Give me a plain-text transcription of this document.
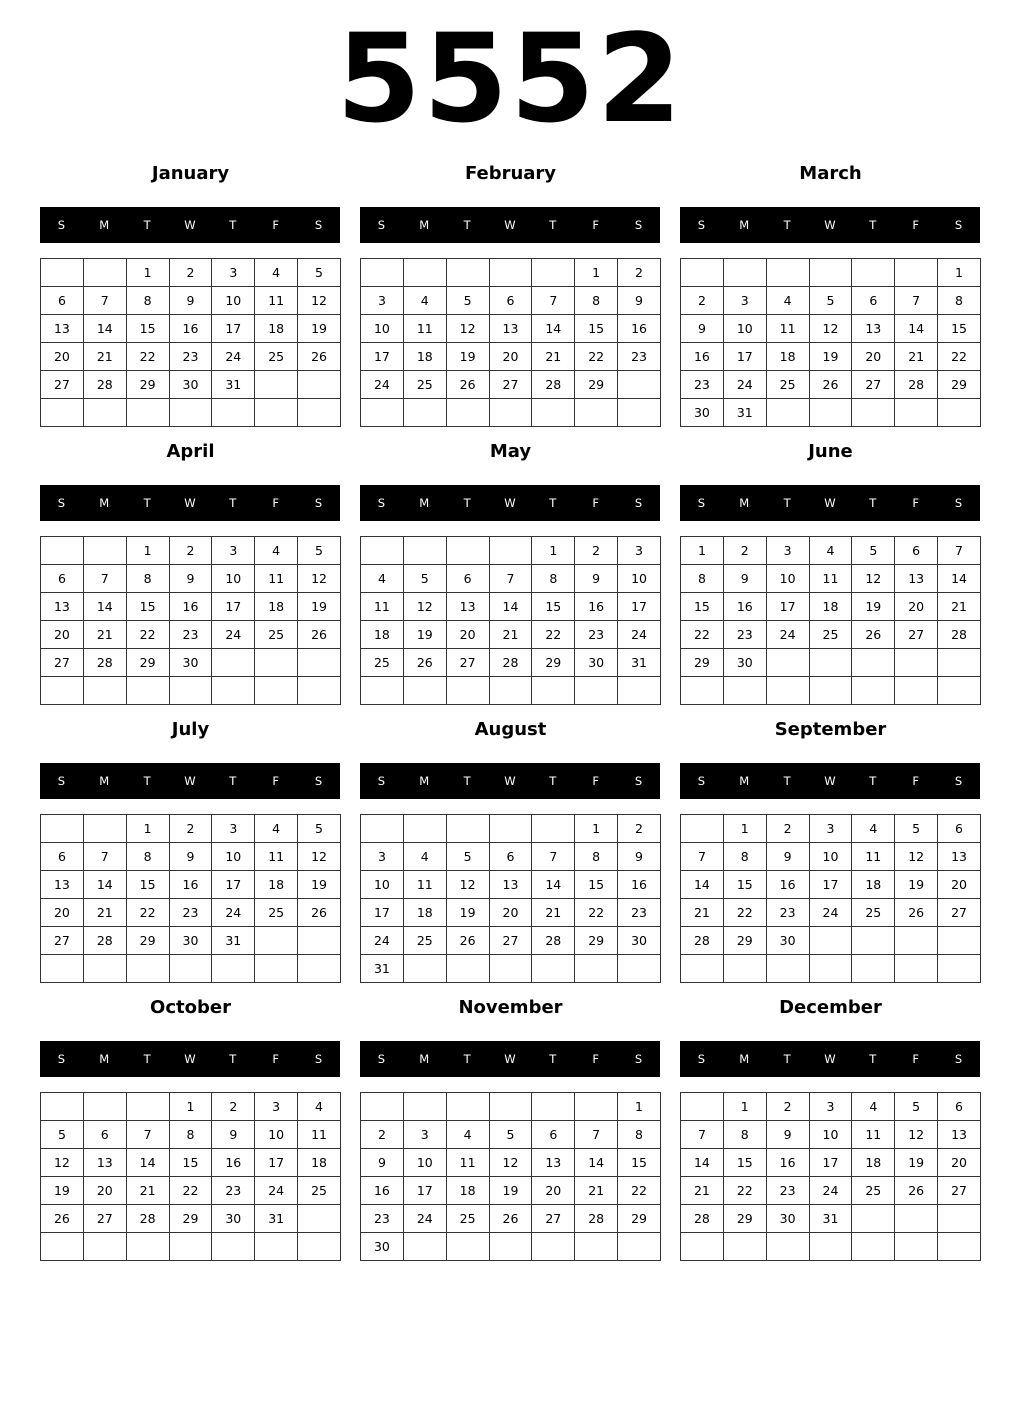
5552
January
S	M	T	W	T	F	S
		1	2	3	4	5
6	7	8	9	10	11	12
13	14	15	16	17	18	19
20	21	22	23	24	25	26
27	28	29	30	31		

February
S	M	T	W	T	F	S
					1	2
3	4	5	6	7	8	9
10	11	12	13	14	15	16
17	18	19	20	21	22	23
24	25	26	27	28	29	

March
S	M	T	W	T	F	S
						1
2	3	4	5	6	7	8
9	10	11	12	13	14	15
16	17	18	19	20	21	22
23	24	25	26	27	28	29
30	31					
April
S	M	T	W	T	F	S
		1	2	3	4	5
6	7	8	9	10	11	12
13	14	15	16	17	18	19
20	21	22	23	24	25	26
27	28	29	30			

May
S	M	T	W	T	F	S
				1	2	3
4	5	6	7	8	9	10
11	12	13	14	15	16	17
18	19	20	21	22	23	24
25	26	27	28	29	30	31

June
S	M	T	W	T	F	S
1	2	3	4	5	6	7
8	9	10	11	12	13	14
15	16	17	18	19	20	21
22	23	24	25	26	27	28
29	30					

July
S	M	T	W	T	F	S
		1	2	3	4	5
6	7	8	9	10	11	12
13	14	15	16	17	18	19
20	21	22	23	24	25	26
27	28	29	30	31		

August
S	M	T	W	T	F	S
					1	2
3	4	5	6	7	8	9
10	11	12	13	14	15	16
17	18	19	20	21	22	23
24	25	26	27	28	29	30
31						
September
S	M	T	W	T	F	S
	1	2	3	4	5	6
7	8	9	10	11	12	13
14	15	16	17	18	19	20
21	22	23	24	25	26	27
28	29	30				

October
S	M	T	W	T	F	S
			1	2	3	4
5	6	7	8	9	10	11
12	13	14	15	16	17	18
19	20	21	22	23	24	25
26	27	28	29	30	31	

November
S	M	T	W	T	F	S
						1
2	3	4	5	6	7	8
9	10	11	12	13	14	15
16	17	18	19	20	21	22
23	24	25	26	27	28	29
30						
December
S	M	T	W	T	F	S
	1	2	3	4	5	6
7	8	9	10	11	12	13
14	15	16	17	18	19	20
21	22	23	24	25	26	27
28	29	30	31			
